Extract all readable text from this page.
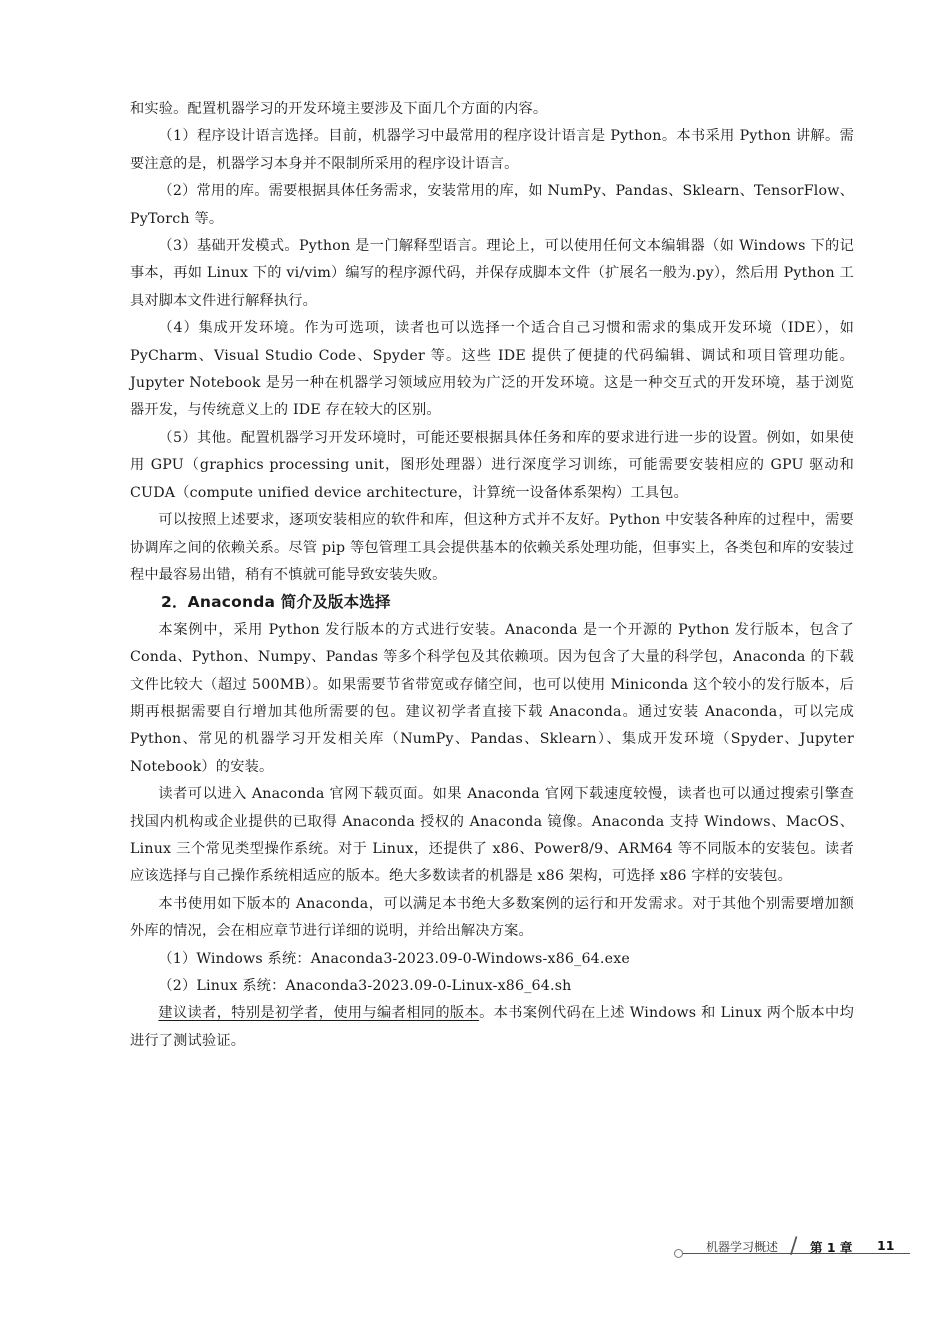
和实验。配置机器学习的开发环境主要涉及下面几个方面的内容。

（1）程序设计语言选择。目前，机器学习中最常用的程序设计语言是 Python。本书采用 Python 讲解。需要注意的是，机器学习本身并不限制所采用的程序设计语言。

（2）常用的库。需要根据具体任务需求，安装常用的库，如 NumPy、Pandas、Sklearn、TensorFlow、PyTorch 等。

（3）基础开发模式。Python 是一门解释型语言。理论上，可以使用任何文本编辑器（如 Windows 下的记事本，再如 Linux 下的 vi/vim）编写的程序源代码，并保存成脚本文件（扩展名一般为.py），然后用 Python 工具对脚本文件进行解释执行。

（4）集成开发环境。作为可选项，读者也可以选择一个适合自己习惯和需求的集成开发环境（IDE），如 PyCharm、Visual Studio Code、Spyder 等。这些 IDE 提供了便捷的代码编辑、调试和项目管理功能。Jupyter Notebook 是另一种在机器学习领域应用较为广泛的开发环境。这是一种交互式的开发环境，基于浏览器开发，与传统意义上的 IDE 存在较大的区别。

（5）其他。配置机器学习开发环境时，可能还要根据具体任务和库的要求进行进一步的设置。例如，如果使用 GPU（graphics processing unit，图形处理器）进行深度学习训练，可能需要安装相应的 GPU 驱动和 CUDA（compute unified device architecture，计算统一设备体系架构）工具包。

可以按照上述要求，逐项安装相应的软件和库，但这种方式并不友好。Python 中安装各种库的过程中，需要协调库之间的依赖关系。尽管 pip 等包管理工具会提供基本的依赖关系处理功能，但事实上，各类包和库的安装过程中最容易出错，稍有不慎就可能导致安装失败。

2．Anaconda 简介及版本选择

本案例中，采用 Python 发行版本的方式进行安装。Anaconda 是一个开源的 Python 发行版本，包含了 Conda、Python、Numpy、Pandas 等多个科学包及其依赖项。因为包含了大量的科学包，Anaconda 的下载文件比较大（超过 500MB）。如果需要节省带宽或存储空间，也可以使用 Miniconda 这个较小的发行版本，后期再根据需要自行增加其他所需要的包。建议初学者直接下载 Anaconda。通过安装 Anaconda，可以完成 Python、常见的机器学习开发相关库（NumPy、Pandas、Sklearn）、集成开发环境（Spyder、Jupyter Notebook）的安装。

读者可以进入 Anaconda 官网下载页面。如果 Anaconda 官网下载速度较慢，读者也可以通过搜索引擎查找国内机构或企业提供的已取得 Anaconda 授权的 Anaconda 镜像。Anaconda 支持 Windows、MacOS、Linux 三个常见类型操作系统。对于 Linux，还提供了 x86、Power8/9、ARM64 等不同版本的安装包。读者应该选择与自己操作系统相适应的版本。绝大多数读者的机器是 x86 架构，可选择 x86 字样的安装包。

本书使用如下版本的 Anaconda，可以满足本书绝大多数案例的运行和开发需求。对于其他个别需要增加额外库的情况，会在相应章节进行详细的说明，并给出解决方案。

（1）Windows 系统：Anaconda3-2023.09-0-Windows-x86_64.exe

（2）Linux 系统：Anaconda3-2023.09-0-Linux-x86_64.sh

建议读者，特别是初学者，使用与编者相同的版本。本书案例代码在上述 Windows 和 Linux 两个版本中均进行了测试验证。

机器学习概述 / 第 1 章 11
